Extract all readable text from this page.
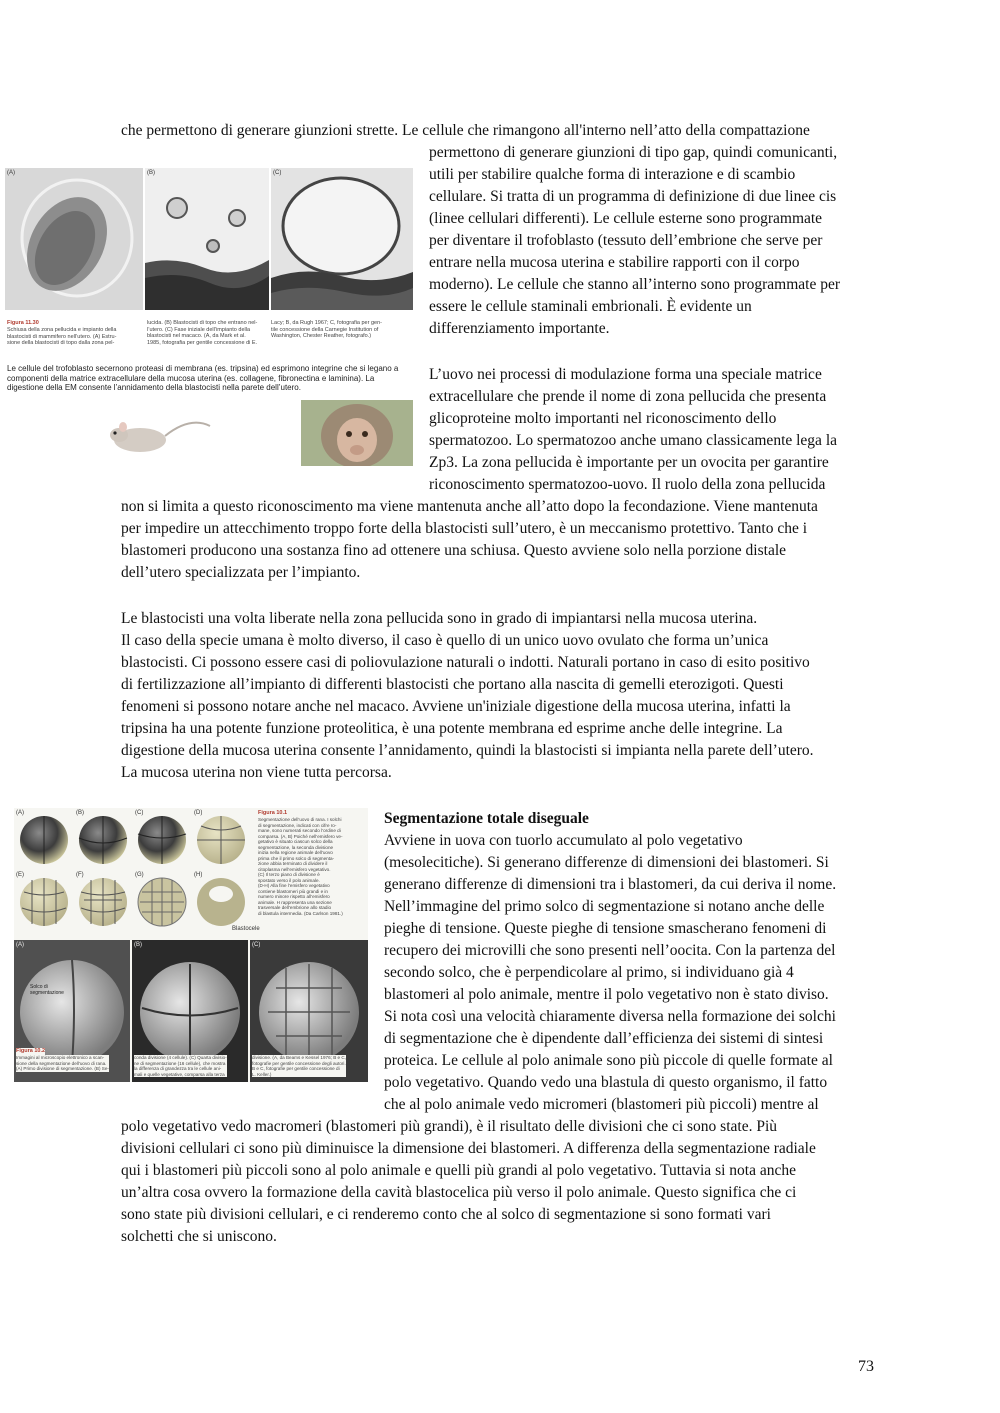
(A)	(B)	(C)
Figura 11.30
Schiusa della zona pellucida e impianto della
blastocisti di mammifero nell’utero. (A) Estru-
sione della blastocisti di topo dalla zona pel-
lucida. (B) Blastocisti di topo che entrano nel-
l’utero. (C) Fase iniziale dell’impianto della
blastocisti nel macaco. (A, da Mark et al.
1985, fotografia per gentile concessione di E.
Lacy; B, da Rugh 1967; C, fotografia per gen-
tile concessione della Carnegie Institution of
Washington, Chester Reather, fotografo.)
Le cellule del trofoblasto secernono proteasi di membrana (es. tripsina) ed esprimono integrine che si legano a componenti della matrice extracellulare della mucosa uterina (es. collagene, fibronectina e laminina). La digestione della EM consente l’annidamento della blastocisti nella parete dell’utero.
che permettono di generare giunzioni strette. Le cellule che rimangono all'interno nell’atto della compattazione
permettono di generare giunzioni di tipo gap, quindi comunicanti,
utili per stabilire qualche forma di interazione e di scambio
cellulare. Si tratta di un programma di definizione di due linee cis
(linee cellulari differenti). Le cellule esterne sono programmate
per diventare il trofoblasto (tessuto dell’embrione che serve per
entrare nella mucosa uterina e stabilire rapporti con il corpo
moderno). Le cellule che stanno all’interno sono programmate per
essere le cellule staminali embrionali. È evidente un
differenziamento importante.
L’uovo nei processi di modulazione forma una speciale matrice
extracellulare che prende il nome di zona pellucida che presenta
glicoproteine molto importanti nel riconoscimento dello
spermatozoo. Lo spermatozoo anche umano classicamente lega la
Zp3. La zona pellucida è importante per un ovocita per garantire
riconoscimento spermatozoo-uovo. Il ruolo della zona pellucida
non si limita a questo riconoscimento ma viene mantenuta anche all’atto dopo la fecondazione. Viene mantenuta
per impedire un attecchimento troppo forte della blastocisti sull’utero, è un meccanismo protettivo. Tanto che i
blastomeri producono una sostanza fino ad ottenere una schiusa. Questo avviene solo nella porzione distale
dell’utero specializzata per l’impianto.
Le blastocisti una volta liberate nella zona pellucida sono in grado di impiantarsi nella mucosa uterina.
Il caso della specie umana è molto diverso, il caso è quello di un unico uovo ovulato che forma un’unica
blastocisti. Ci possono essere casi di poliovulazione naturali o indotti. Naturali portano in caso di esito positivo
di fertilizzazione all’impianto di differenti blastocisti che portano alla nascita di gemelli eterozigoti. Questi
fenomeni si possono notare anche nel macaco. Avviene un'iniziale digestione della mucosa uterina, infatti la
tripsina ha una potente funzione proteolitica, è una potente membrana ed esprime anche delle integrine. La
digestione della mucosa uterina consente l’annidamento, quindi la blastocisti si impianta nella parete dell’utero.
La mucosa uterina non viene tutta percorsa.
(A)	(B)	(C)	(D)
(E)	(F)	(G)	(H)
Blastocele
Figura 10.1
Segmentazione dell’uovo di rana. I solchi
di segmentazione, indicati con cifre ro-
mane, sono numerati secondo l’ordine di
comparsa. (A, B) Poiché nell’emisfero ve-
getativo è situato ciascun solco della
segmentazione, la seconda divisione
inizia nella regione animale dell’uovo
prima che il primo solco di segmenta-
zione abbia terminato di dividere il
citoplasma nell’emisfero vegetativo.
(C) Il terzo piano di divisione è
spostato verso il polo animale.
(D-H) Alla fine l’emisfero vegetativo
contiene blastomeri più grandi e in
numero minore rispetto all’emisfero
animale. H rappresenta una sezione
trasversale dell’embrione allo stadio
di blastula intermedia. (Da Carlson 1981.)
(A)	(B)	(C)
Solco di segmentazione
Figura 10.2
Immagini al microscopio elettronico a scan-
sione della segmentazione dell’uovo di rana.
(A) Primo divisione di segmentazione. (B) Se-
conda divisione (4 cellule). (C) Quarta divisio-
ne di segmentazione (16 cellule), che mostra
la differenza di grandezza tra le cellule ani-
mali e quelle vegetative, comparsa alla terza
divisione. (A, da Beams e Kessel 1976; B e C,
fotografie per gentile concessione degli autori.
B e C, fotografie per gentile concessione di
L. Keller.)
Segmentazione totale diseguale
Avviene in uova con tuorlo accumulato al polo vegetativo
(mesolecitiche). Si generano differenze di dimensioni dei blastomeri. Si
generano differenze di dimensioni tra i blastomeri, da cui deriva il nome.
Nell’immagine del primo solco di segmentazione si notano anche delle
pieghe di tensione. Queste pieghe di tensione smascherano fenomeni di
recupero dei microvilli che sono presenti nell’oocita. Con la partenza del
secondo solco, che è perpendicolare al primo, si individuano già 4
blastomeri al polo animale, mentre il polo vegetativo non è stato diviso.
Si nota così una velocità chiaramente diversa nella formazione dei solchi
di segmentazione che è dipendente dall’efficienza dei sistemi di sintesi
proteica. Le cellule al polo animale sono più piccole di quelle formate al
polo vegetativo. Quando vedo una blastula di questo organismo, il fatto
che al polo animale vedo micromeri (blastomeri più piccoli) mentre al
polo vegetativo vedo macromeri (blastomeri più grandi), è il risultato delle divisioni che ci sono state. Più
divisioni cellulari ci sono più diminuisce la dimensione dei blastomeri. A differenza della segmentazione radiale
qui i blastomeri più piccoli sono al polo animale e quelli più grandi al polo vegetativo. Tuttavia si nota anche
un’altra cosa ovvero la formazione della cavità blastocelica più verso il polo animale. Questo significa che ci
sono state più divisioni cellulari, e ci renderemo conto che al solco di segmentazione si sono formati vari
solchetti che si uniscono.
73
